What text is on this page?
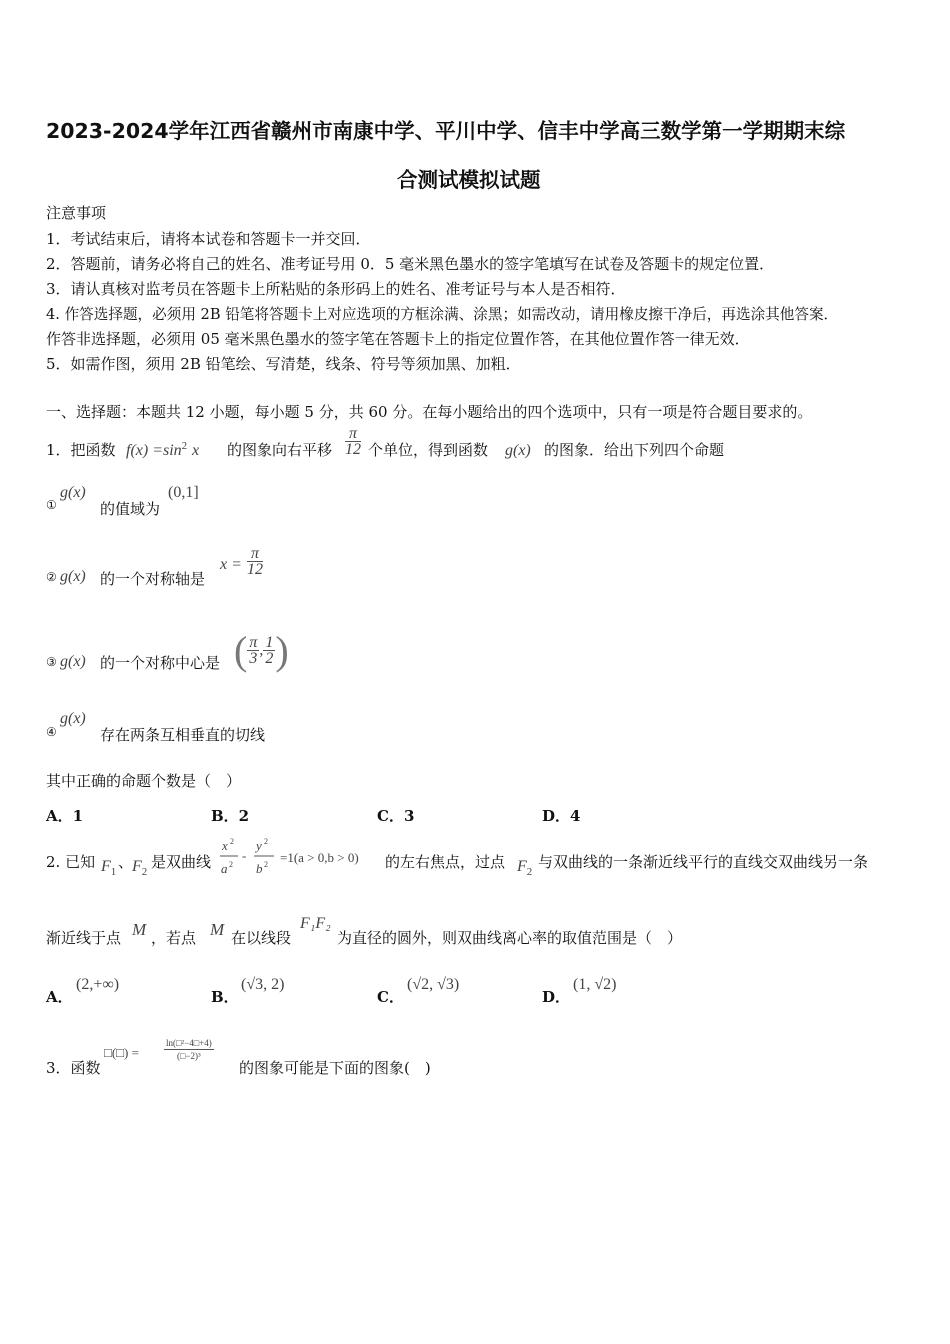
2023-2024学年江西省赣州市南康中学、平川中学、信丰中学高三数学第一学期期末综
合测试模拟试题
注意事项
1．考试结束后，请将本试卷和答题卡一并交回．
2．答题前，请务必将自己的姓名、准考证号用 0．5 毫米黑色墨水的签字笔填写在试卷及答题卡的规定位置．
3．请认真核对监考员在答题卡上所粘贴的条形码上的姓名、准考证号与本人是否相符．
4. 作答选择题，必须用 2B 铅笔将答题卡上对应选项的方框涂满、涂黑；如需改动，请用橡皮擦干净后，再选涂其他答案．
作答非选择题，必须用 05 毫米黑色墨水的签字笔在答题卡上的指定位置作答，在其他位置作答一律无效．
5．如需作图，须用 2B 铅笔绘、写清楚，线条、符号等须加黑、加粗．
一、选择题：本题共 12 小题，每小题 5 分，共 60 分。在每小题给出的四个选项中，只有一项是符合题目要求的。
1．把函数 $f(x) =\sin^2$ x 的图象向右平移 $\frac{\pi}{12}$ 个单位，得到函数 g(x) 的图象．给出下列四个命题
①
g(x)
的值域为
(0,1]
② g(x) 的一个对称轴是
$x = \frac{\pi}{12}$
③ g(x) 的一个对称中心是 ( $\frac{\pi}{3}$ , $\frac{1}{2}$ )
④
g(x)
存在两条互相垂直的切线
其中正确的命题个数是（　）
A．1	B．2	C．3	D．4
2. 已知 $F_1$
、
$F_2$
是双曲线
x 2
a 2
-
y 2
b 2 =1(a > 0,b > 0) 的左右焦点，过点 $F_2$
与双曲线的一条渐近线平行的直线交双曲线另一条
渐近线于点 M ，若点 M 在以线段
F₁F₂
为直径的圆外，则双曲线离心率的取值范围是（　）
A．
(2,+∞)
B．
(√3, 2)
C．
(√2, √3)
D．
(1, √2)
3．函数
□(□) =	$\frac{\text{ln(□²−4□+4)}}{\text{(□−2)³}}$
的图象可能是下面的图象(　)
